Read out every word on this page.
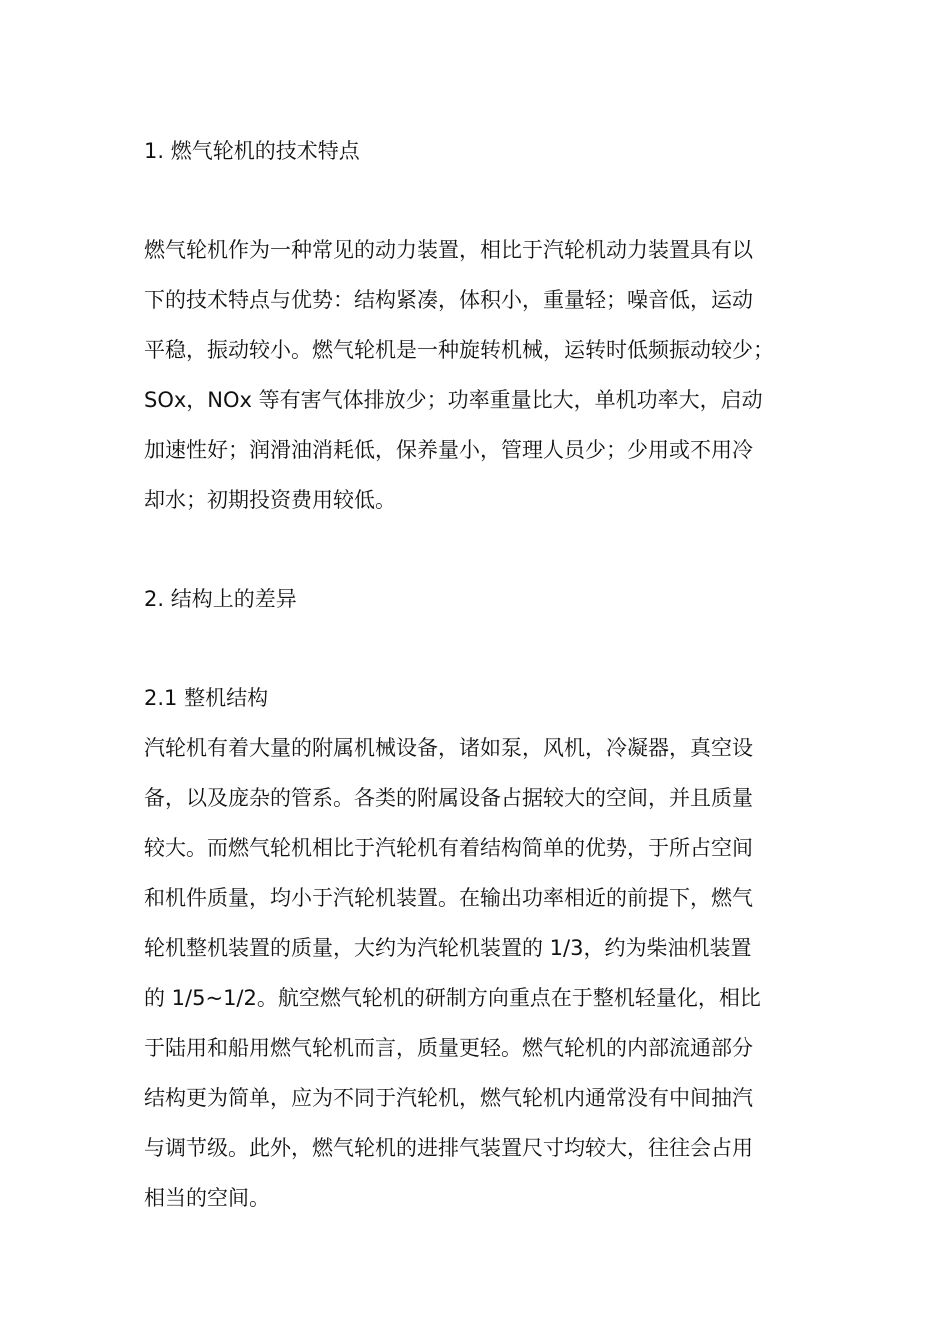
1. 燃气轮机的技术特点
燃气轮机作为一种常见的动力装置，相比于汽轮机动力装置具有以
下的技术特点与优势：结构紧凑，体积小，重量轻；噪音低，运动
平稳，振动较小。燃气轮机是一种旋转机械，运转时低频振动较少；
SOx，NOx 等有害气体排放少；功率重量比大，单机功率大，启动
加速性好；润滑油消耗低，保养量小，管理人员少；少用或不用冷
却水；初期投资费用较低。
2. 结构上的差异
2.1 整机结构
汽轮机有着大量的附属机械设备，诸如泵，风机，冷凝器，真空设
备，以及庞杂的管系。各类的附属设备占据较大的空间，并且质量
较大。而燃气轮机相比于汽轮机有着结构简单的优势，于所占空间
和机件质量，均小于汽轮机装置。在输出功率相近的前提下，燃气
轮机整机装置的质量，大约为汽轮机装置的 1/3，约为柴油机装置
的 1/5~1/2。航空燃气轮机的研制方向重点在于整机轻量化，相比
于陆用和船用燃气轮机而言，质量更轻。燃气轮机的内部流通部分
结构更为简单，应为不同于汽轮机，燃气轮机内通常没有中间抽汽
与调节级。此外，燃气轮机的进排气装置尺寸均较大，往往会占用
相当的空间。
